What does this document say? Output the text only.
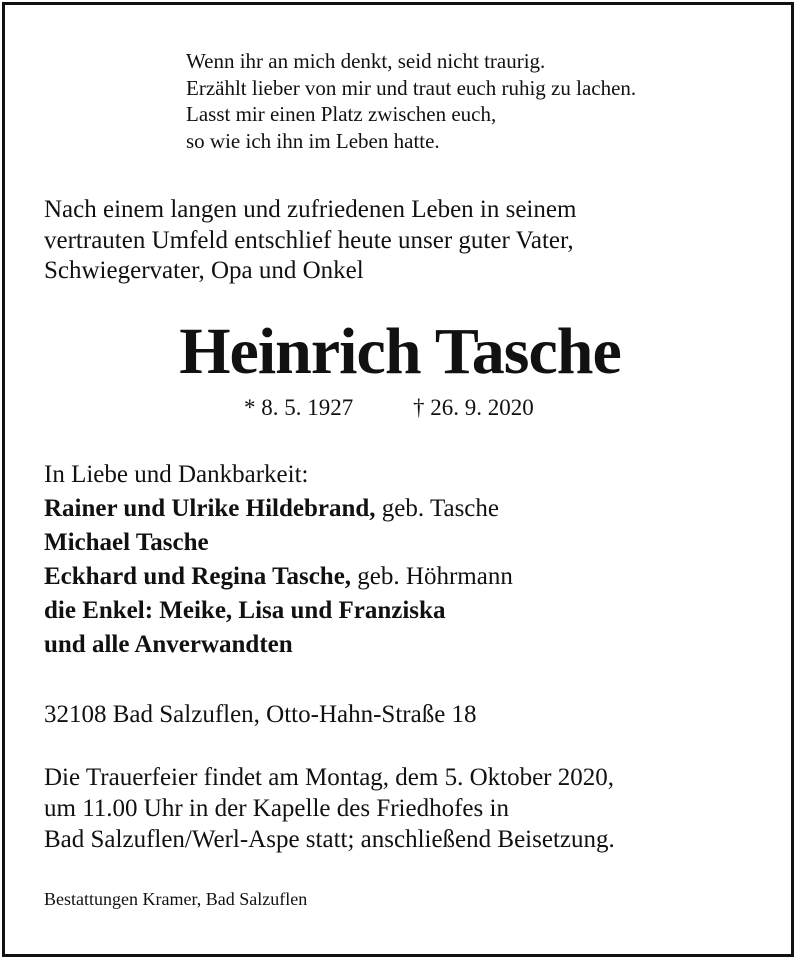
Wenn ihr an mich denkt, seid nicht traurig.
Erzählt lieber von mir und traut euch ruhig zu lachen.
Lasst mir einen Platz zwischen euch,
so wie ich ihn im Leben hatte.
Nach einem langen und zufriedenen Leben in seinem
vertrauten Umfeld entschlief heute unser guter Vater,
Schwiegervater, Opa und Onkel
Heinrich Tasche
* 8. 5. 1927	† 26. 9. 2020
In Liebe und Dankbarkeit:
Rainer und Ulrike Hildebrand, geb. Tasche
Michael Tasche
Eckhard und Regina Tasche, geb. Höhrmann
die Enkel: Meike, Lisa und Franziska
und alle Anverwandten
32108 Bad Salzuflen, Otto-Hahn-Straße 18
Die Trauerfeier findet am Montag, dem 5. Oktober 2020,
um 11.00 Uhr in der Kapelle des Friedhofes in
Bad Salzuflen/Werl-Aspe statt; anschließend Beisetzung.
Bestattungen Kramer, Bad Salzuflen
